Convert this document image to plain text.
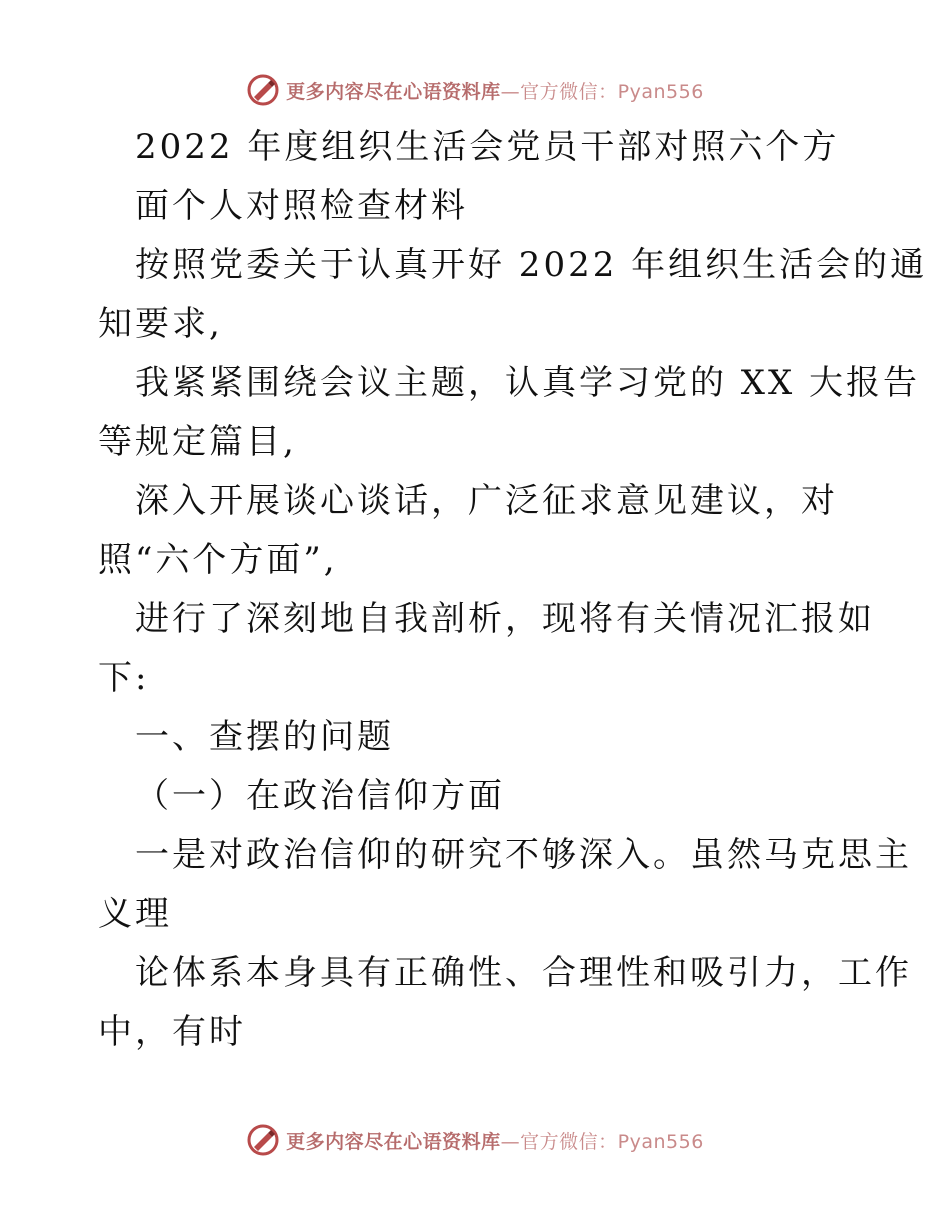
更多内容尽在心语资料库—官方微信：Pyan556
2022 年度组织生活会党员干部对照六个方
面个人对照检查材料
按照党委关于认真开好 2022 年组织生活会的通
知要求,
我紧紧围绕会议主题，认真学习党的 XX 大报告
等规定篇目,
深入开展谈心谈话，广泛征求意见建议，对
照“六个方面”,
进行了深刻地自我剖析，现将有关情况汇报如
下:
一、查摆的问题
（一）在政治信仰方面
一是对政治信仰的研究不够深入。虽然马克思主
义理
论体系本身具有正确性、合理性和吸引力，工作
中，有时
更多内容尽在心语资料库—官方微信：Pyan556
